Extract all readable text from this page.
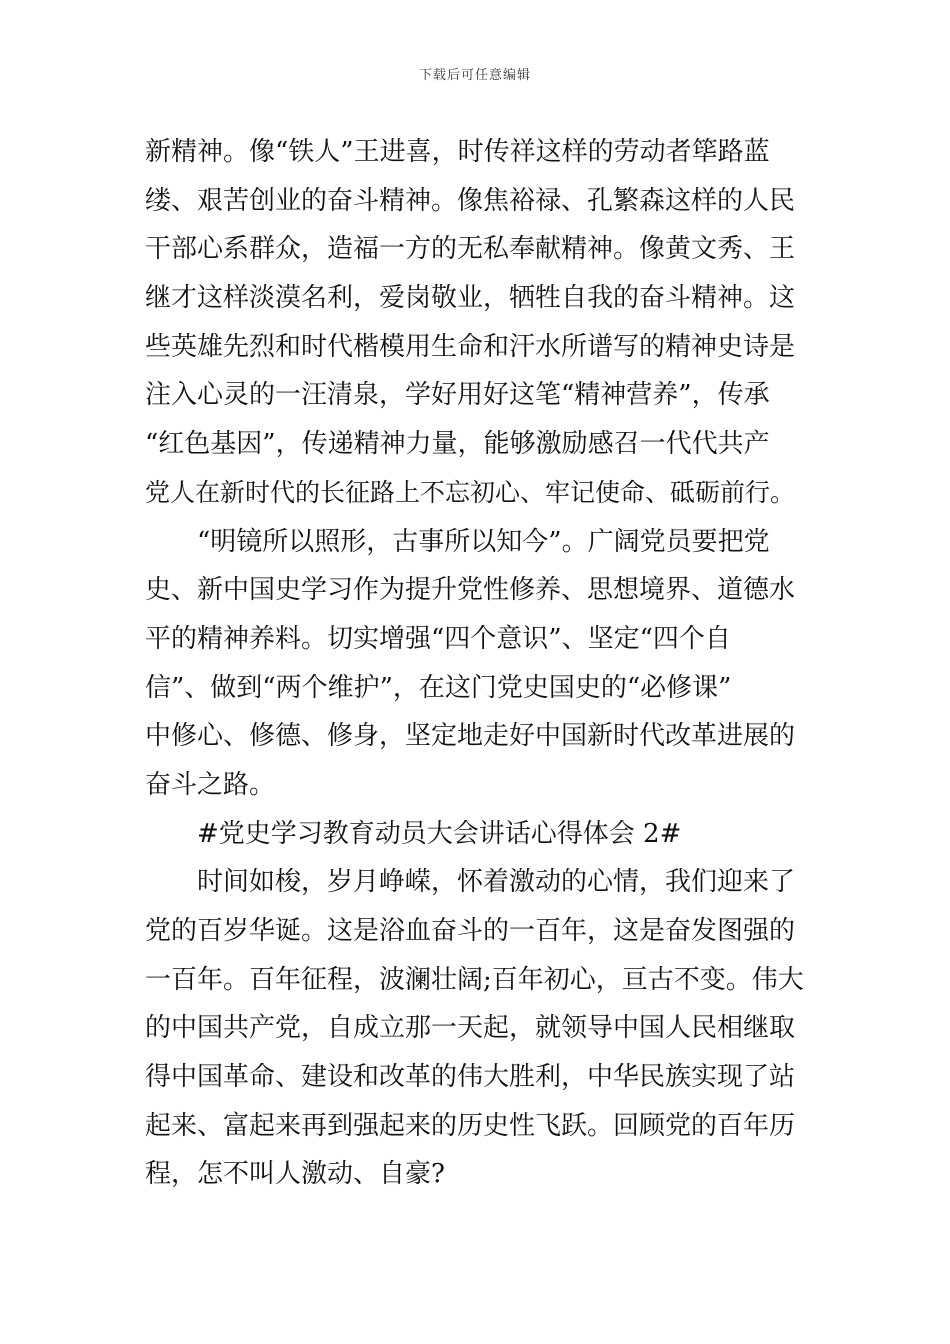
下载后可任意编辑
新精神。像“铁人”王进喜，时传祥这样的劳动者筚路蓝
缕、艰苦创业的奋斗精神。像焦裕禄、孔繁森这样的人民
干部心系群众，造福一方的无私奉献精神。像黄文秀、王
继才这样淡漠名利，爱岗敬业，牺牲自我的奋斗精神。这
些英雄先烈和时代楷模用生命和汗水所谱写的精神史诗是
注入心灵的一汪清泉，学好用好这笔“精神营养”，传承
“红色基因”，传递精神力量，能够激励感召一代代共产
党人在新时代的长征路上不忘初心、牢记使命、砥砺前行。
“明镜所以照形，古事所以知今”。广阔党员要把党
史、新中国史学习作为提升党性修养、思想境界、道德水
平的精神养料。切实增强“四个意识”、坚定“四个自
信”、做到“两个维护”，在这门党史国史的“必修课”
中修心、修德、修身，坚定地走好中国新时代改革进展的
奋斗之路。
#党史学习教育动员大会讲话心得体会 2#
时间如梭，岁月峥嵘，怀着激动的心情，我们迎来了
党的百岁华诞。这是浴血奋斗的一百年，这是奋发图强的
一百年。百年征程，波澜壮阔;百年初心，亘古不变。伟大
的中国共产党，自成立那一天起，就领导中国人民相继取
得中国革命、建设和改革的伟大胜利，中华民族实现了站
起来、富起来再到强起来的历史性飞跃。回顾党的百年历
程，怎不叫人激动、自豪?
